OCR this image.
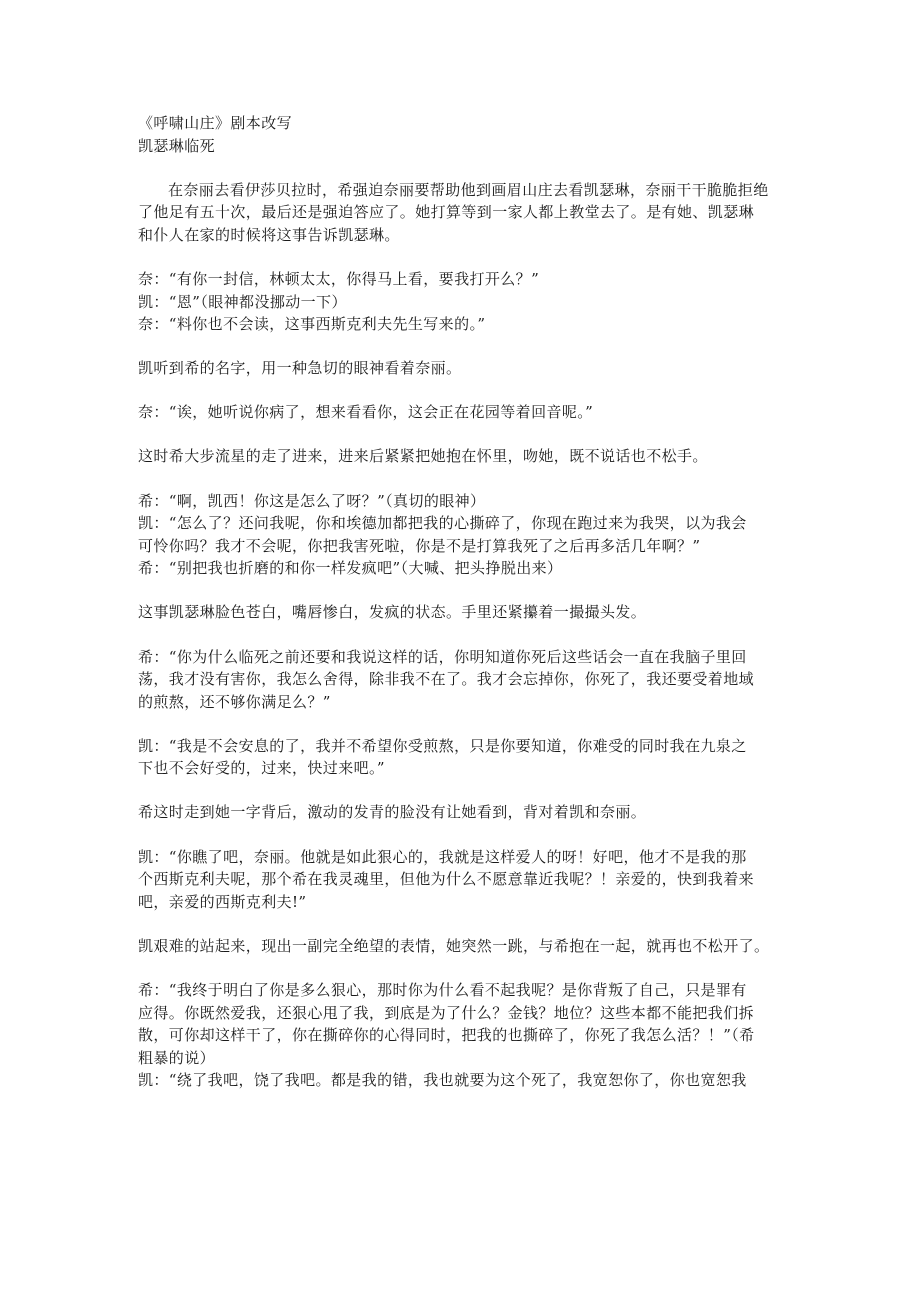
《呼啸山庄》剧本改写
凯瑟琳临死
在奈丽去看伊莎贝拉时，希强迫奈丽要帮助他到画眉山庄去看凯瑟琳，奈丽干干脆脆拒绝
了他足有五十次，最后还是强迫答应了。她打算等到一家人都上教堂去了。是有她、凯瑟琳
和仆人在家的时候将这事告诉凯瑟琳。
奈：“有你一封信，林顿太太，你得马上看，要我打开么？”
凯：“恩”（眼神都没挪动一下）
奈：“料你也不会读，这事西斯克利夫先生写来的。”
凯听到希的名字，用一种急切的眼神看着奈丽。
奈：“诶，她听说你病了，想来看看你，这会正在花园等着回音呢。”
这时希大步流星的走了进来，进来后紧紧把她抱在怀里，吻她，既不说话也不松手。
希：“啊，凯西！你这是怎么了呀？”（真切的眼神）
凯：“怎么了？还问我呢，你和埃德加都把我的心撕碎了，你现在跑过来为我哭，以为我会
可怜你吗？我才不会呢，你把我害死啦，你是不是打算我死了之后再多活几年啊？”
希：“别把我也折磨的和你一样发疯吧”（大喊、把头挣脱出来）
这事凯瑟琳脸色苍白，嘴唇惨白，发疯的状态。手里还紧攥着一撮撮头发。
希：“你为什么临死之前还要和我说这样的话，你明知道你死后这些话会一直在我脑子里回
荡，我才没有害你，我怎么舍得，除非我不在了。我才会忘掉你，你死了，我还要受着地域
的煎熬，还不够你满足么？”
凯：“我是不会安息的了，我并不希望你受煎熬，只是你要知道，你难受的同时我在九泉之
下也不会好受的，过来，快过来吧。”
希这时走到她一字背后，激动的发青的脸没有让她看到，背对着凯和奈丽。
凯：“你瞧了吧，奈丽。他就是如此狠心的，我就是这样爱人的呀！好吧，他才不是我的那
个西斯克利夫呢，那个希在我灵魂里，但他为什么不愿意靠近我呢？！亲爱的，快到我着来
吧，亲爱的西斯克利夫!”
凯艰难的站起来，现出一副完全绝望的表情，她突然一跳，与希抱在一起，就再也不松开了。
希：“我终于明白了你是多么狠心，那时你为什么看不起我呢？是你背叛了自己，只是罪有
应得。你既然爱我，还狠心甩了我，到底是为了什么？金钱？地位？这些本都不能把我们拆
散，可你却这样干了，你在撕碎你的心得同时，把我的也撕碎了，你死了我怎么活？！”（希
粗暴的说）
凯：“绕了我吧，饶了我吧。都是我的错，我也就要为这个死了，我宽恕你了，你也宽恕我
